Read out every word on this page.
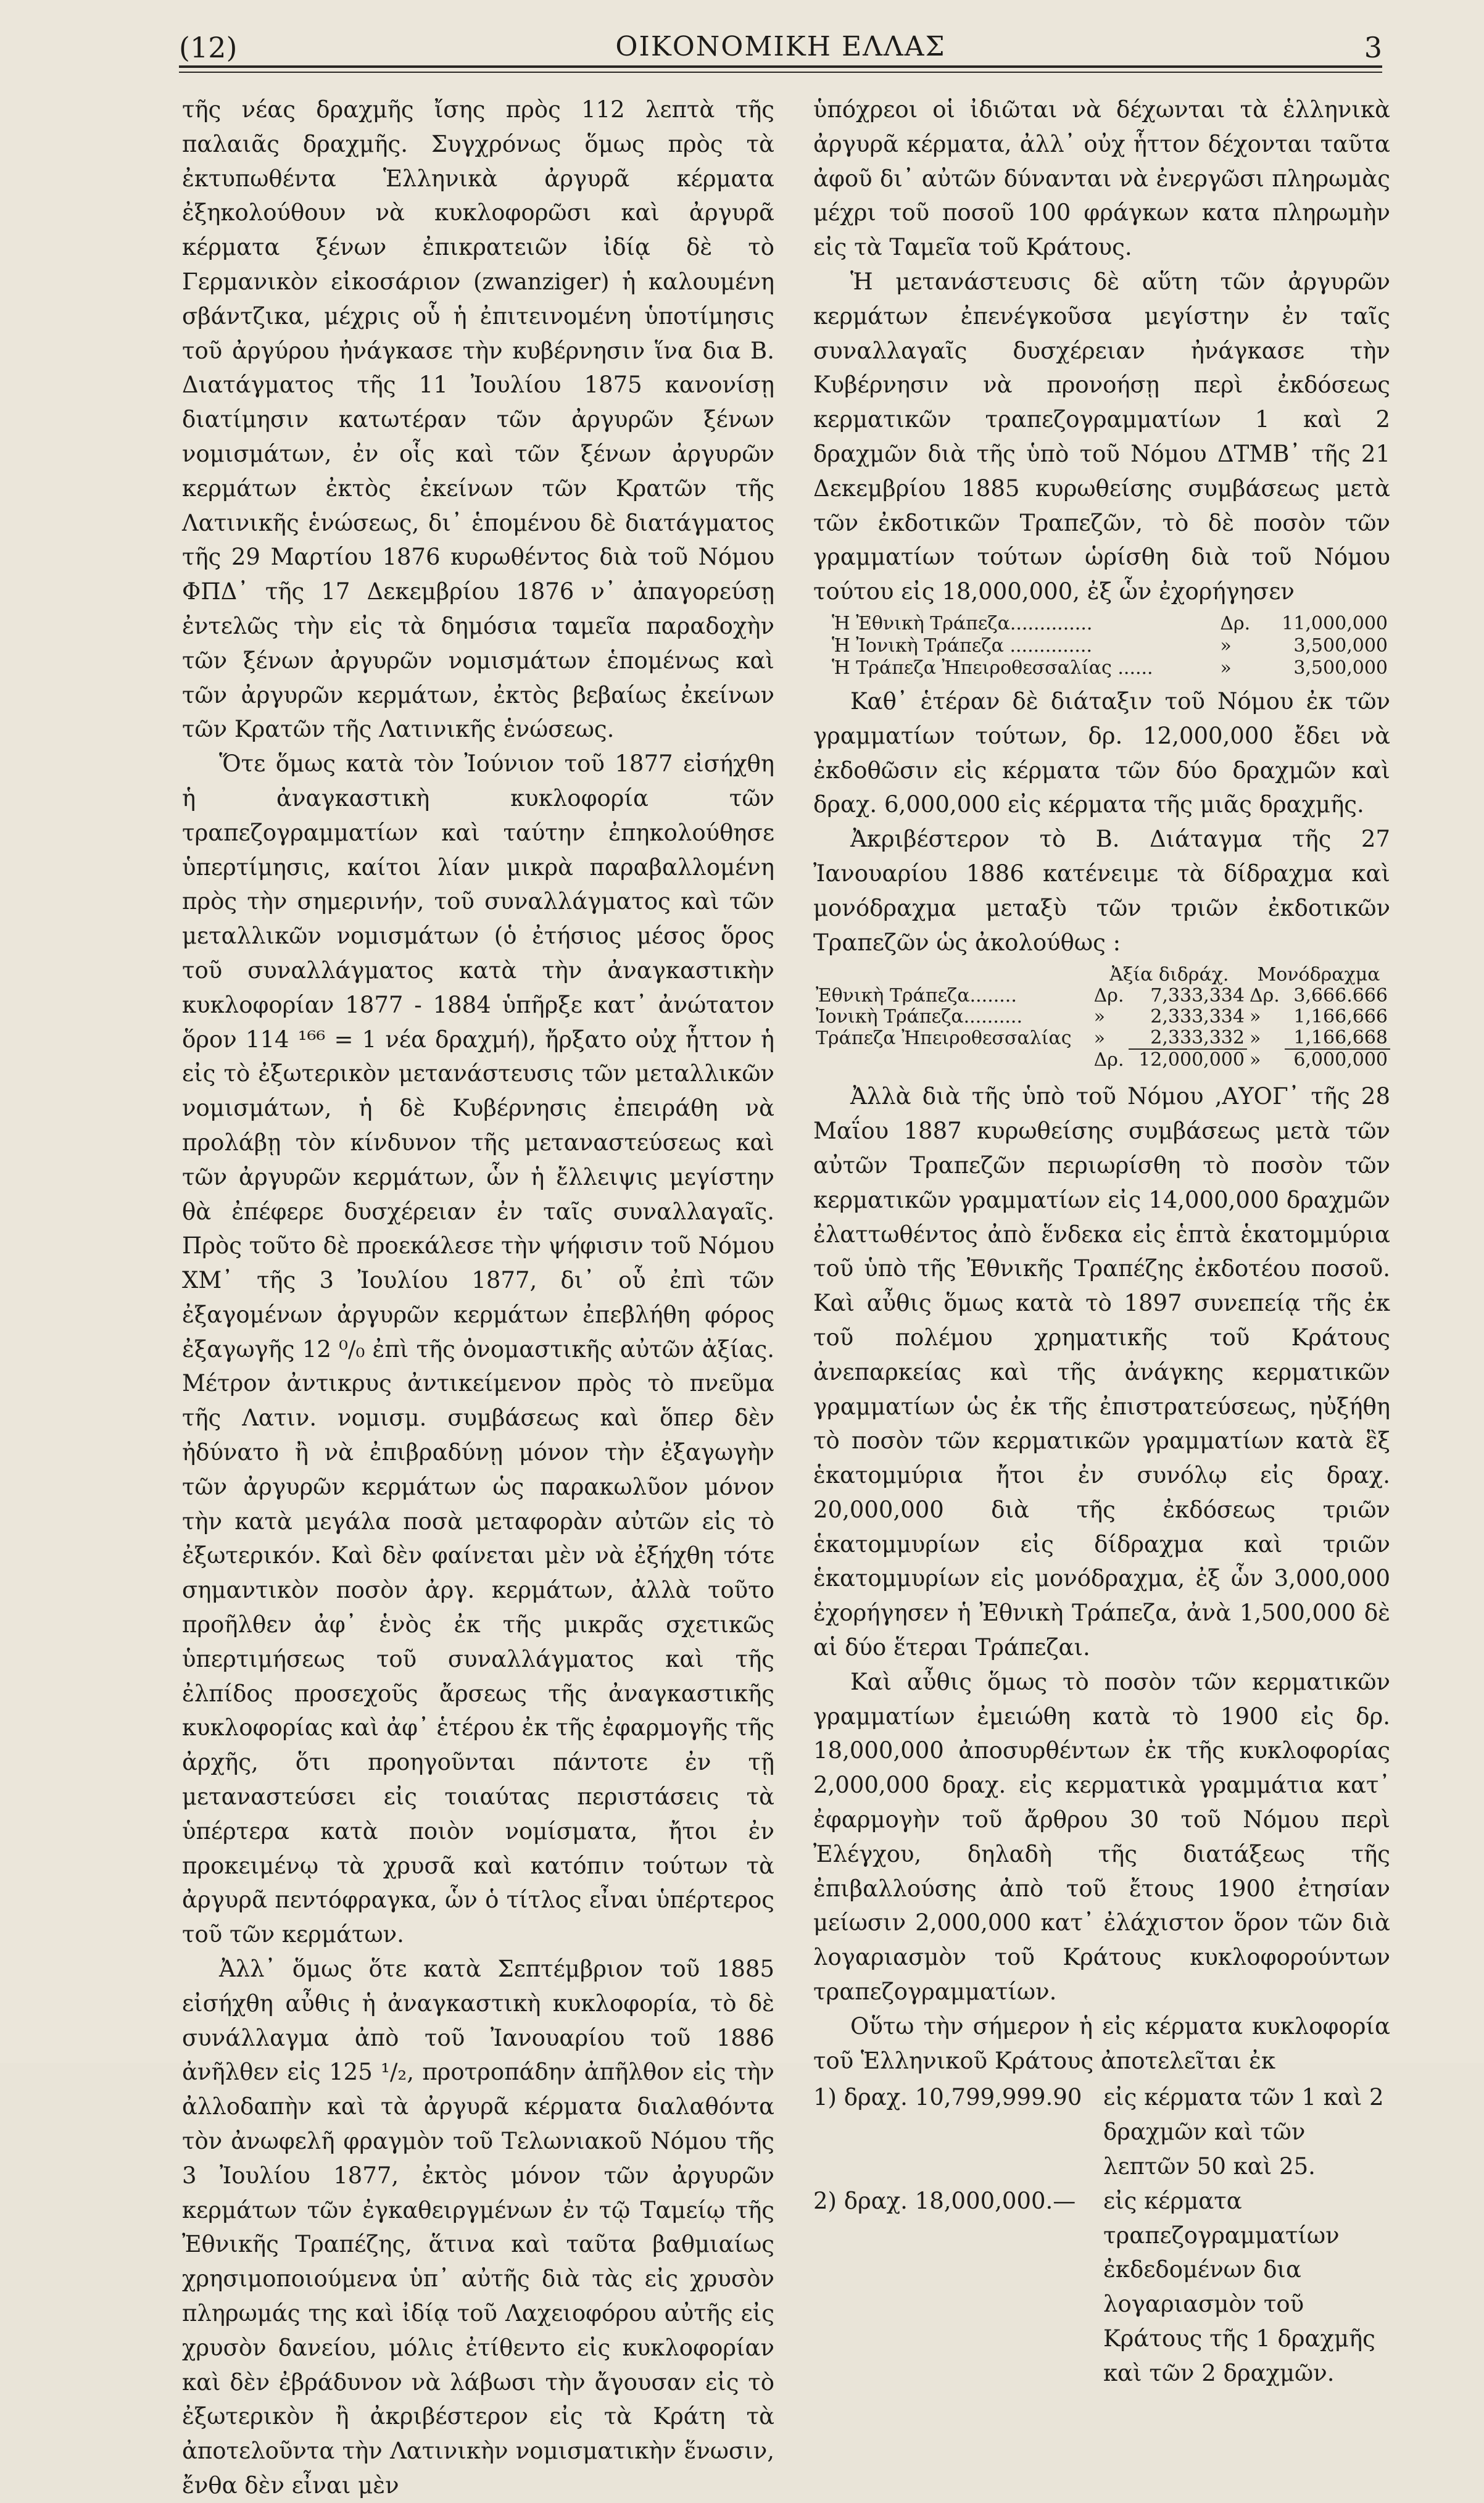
(12)	ΟΙΚΟΝΟΜΙΚΗ ΕΛΛΑΣ	3

τῆς νέας δραχμῆς ἴσης πρὸς 112 λεπτὰ τῆς παλαιᾶς δραχμῆς. Συγχρόνως ὅμως πρὸς τὰ ἐκτυπωθέντα Ἑλληνικὰ ἀργυρᾶ κέρματα ἐξηκολούθουν νὰ κυκλοφορῶσι καὶ ἀργυρᾶ κέρματα ξένων ἐπικρατειῶν ἰδίᾳ δὲ τὸ Γερμανικὸν εἰκοσάριον (zwanziger) ἡ καλουμένη σβάντζικα, μέχρις οὗ ἡ ἐπιτεινομένη ὑποτίμησις τοῦ ἀργύρου ἠνάγκασε τὴν κυβέρνησιν ἵνα δια Β. Διατάγματος τῆς 11 Ἰουλίου 1875 κανονίσῃ διατίμησιν κατωτέραν τῶν ἀργυρῶν ξένων νομισμάτων, ἐν οἷς καὶ τῶν ξένων ἀργυρῶν κερμάτων ἐκτὸς ἐκείνων τῶν Κρατῶν τῆς Λατινικῆς ἑνώσεως, δι᾽ ἑπομένου δὲ διατάγματος τῆς 29 Μαρτίου 1876 κυρωθέντος διὰ τοῦ Νόμου ΦΠΔ᾽ τῆς 17 Δεκεμβρίου 1876 ν᾽ ἀπαγορεύσῃ ἐντελῶς τὴν εἰς τὰ δημόσια ταμεῖα παραδοχὴν τῶν ξένων ἀργυρῶν νομισμάτων ἑπομένως καὶ τῶν ἀργυρῶν κερμάτων, ἐκτὸς βεβαίως ἐκείνων τῶν Κρατῶν τῆς Λατινικῆς ἑνώσεως.

Ὅτε ὅμως κατὰ τὸν Ἰούνιον τοῦ 1877 εἰσήχθη ἡ ἀναγκαστικὴ κυκλοφορία τῶν τραπεζογραμματίων καὶ ταύτην ἐπηκολούθησε ὑπερτίμησις, καίτοι λίαν μικρὰ παραβαλλομένη πρὸς τὴν σημερινήν, τοῦ συναλλάγματος καὶ τῶν μεταλλικῶν νομισμάτων (ὁ ἐτήσιος μέσος ὅρος τοῦ συναλλάγματος κατὰ τὴν ἀναγκαστικὴν κυκλοφορίαν 1877 - 1884 ὑπῆρξε κατ᾽ ἀνώτατον ὅρον 114 ¹⁶⁶ = 1 νέα δραχμή), ἤρξατο οὐχ ἧττον ἡ εἰς τὸ ἐξωτερικὸν μετανάστευσις τῶν μεταλλικῶν νομισμάτων, ἡ δὲ Κυβέρνησις ἐπειράθη νὰ προλάβῃ τὸν κίνδυνον τῆς μεταναστεύσεως καὶ τῶν ἀργυρῶν κερμάτων, ὧν ἡ ἔλλειψις μεγίστην θὰ ἐπέφερε δυσχέρειαν ἐν ταῖς συναλλαγαῖς. Πρὸς τοῦτο δὲ προεκάλεσε τὴν ψήφισιν τοῦ Νόμου ΧΜ᾽ τῆς 3 Ἰουλίου 1877, δι᾽ οὗ ἐπὶ τῶν ἐξαγομένων ἀργυρῶν κερμάτων ἐπεβλήθη φόρος ἐξαγωγῆς 12 ⁰/₀ ἐπὶ τῆς ὀνομαστικῆς αὐτῶν ἀξίας. Μέτρον ἀντικρυς ἀντικείμενον πρὸς τὸ πνεῦμα τῆς Λατιν. νομισμ. συμβάσεως καὶ ὅπερ δὲν ἠδύνατο ἢ νὰ ἐπιβραδύνῃ μόνον τὴν ἐξαγωγὴν τῶν ἀργυρῶν κερμάτων ὡς παρακωλῦον μόνον τὴν κατὰ μεγάλα ποσὰ μεταφορὰν αὐτῶν εἰς τὸ ἐξωτερικόν. Καὶ δὲν φαίνεται μὲν νὰ ἐξήχθη τότε σημαντικὸν ποσὸν ἀργ. κερμάτων, ἀλλὰ τοῦτο προῆλθεν ἀφ᾽ ἑνὸς ἐκ τῆς μικρᾶς σχετικῶς ὑπερτιμήσεως τοῦ συναλλάγματος καὶ τῆς ἐλπίδος προσεχοῦς ἄρσεως τῆς ἀναγκαστικῆς κυκλοφορίας καὶ ἀφ᾽ ἑτέρου ἐκ τῆς ἐφαρμογῆς τῆς ἀρχῆς, ὅτι προηγοῦνται πάντοτε ἐν τῇ μεταναστεύσει εἰς τοιαύτας περιστάσεις τὰ ὑπέρτερα κατὰ ποιὸν νομίσματα, ἤτοι ἐν προκειμένῳ τὰ χρυσᾶ καὶ κατόπιν τούτων τὰ ἀργυρᾶ πεντόφραγκα, ὧν ὁ τίτλος εἶναι ὑπέρτερος τοῦ τῶν κερμάτων.

Ἀλλ᾽ ὅμως ὅτε κατὰ Σεπτέμβριον τοῦ 1885 εἰσήχθη αὖθις ἡ ἀναγκαστικὴ κυκλοφορία, τὸ δὲ συνάλλαγμα ἀπὸ τοῦ Ἰανουαρίου τοῦ 1886 ἀνῆλθεν εἰς 125 ¹/₂, προτροπάδην ἀπῆλθον εἰς τὴν ἀλλοδαπὴν καὶ τὰ ἀργυρᾶ κέρματα διαλαθόντα τὸν ἀνωφελῆ φραγμὸν τοῦ Τελωνιακοῦ Νόμου τῆς 3 Ἰουλίου 1877, ἐκτὸς μόνον τῶν ἀργυρῶν κερμάτων τῶν ἐγκαθειργμένων ἐν τῷ Ταμείῳ τῆς Ἐθνικῆς Τραπέζης, ἅτινα καὶ ταῦτα βαθμιαίως χρησιμοποιούμενα ὑπ᾽ αὐτῆς διὰ τὰς εἰς χρυσὸν πληρωμάς της καὶ ἰδίᾳ τοῦ Λαχειοφόρου αὐτῆς εἰς χρυσὸν δανείου, μόλις ἐτίθεντο εἰς κυκλοφορίαν καὶ δὲν ἐβράδυνον νὰ λάβωσι τὴν ἄγουσαν εἰς τὸ ἐξωτερικὸν ἢ ἀκριβέστερον εἰς τὰ Κράτη τὰ ἀποτελοῦντα τὴν Λατινικὴν νομισματικὴν ἕνωσιν, ἔνθα δὲν εἶναι μὲν

ὑπόχρεοι οἱ ἰδιῶται νὰ δέχωνται τὰ ἑλληνικὰ ἀργυρᾶ κέρματα, ἀλλ᾽ οὐχ ἧττον δέχονται ταῦτα ἀφοῦ δι᾽ αὐτῶν δύνανται νὰ ἐνεργῶσι πληρωμὰς μέχρι τοῦ ποσοῦ 100 φράγκων κατα πληρωμὴν εἰς τὰ Ταμεῖα τοῦ Κράτους.

Ἡ μετανάστευσις δὲ αὕτη τῶν ἀργυρῶν κερμάτων ἐπενέγκοῦσα μεγίστην ἐν ταῖς συναλλαγαῖς δυσχέρειαν ἠνάγκασε τὴν Κυβέρνησιν νὰ προνοήσῃ περὶ ἐκδόσεως κερματικῶν τραπεζογραμματίων 1 καὶ 2 δραχμῶν διὰ τῆς ὑπὸ τοῦ Νόμου ΔΤΜΒ᾽ τῆς 21 Δεκεμβρίου 1885 κυρωθείσης συμβάσεως μετὰ τῶν ἐκδοτικῶν Τραπεζῶν, τὸ δὲ ποσὸν τῶν γραμματίων τούτων ὡρίσθη διὰ τοῦ Νόμου τούτου εἰς 18,000,000, ἐξ ὧν ἐχορήγησεν

Ἡ Ἐθνικὴ Τράπεζα..............	Δρ.	11,000,000
Ἡ Ἰονικὴ Τράπεζα ..............	»	3,500,000
Ἡ Τράπεζα Ἠπειροθεσσαλίας ......	»	3,500,000

Καθ᾽ ἑτέραν δὲ διάταξιν τοῦ Νόμου ἐκ τῶν γραμματίων τούτων, δρ. 12,000,000 ἔδει νὰ ἐκδοθῶσιν εἰς κέρματα τῶν δύο δραχμῶν καὶ δραχ. 6,000,000 εἰς κέρματα τῆς μιᾶς δραχμῆς.

Ἀκριβέστερον τὸ Β. Διάταγμα τῆς 27 Ἰανουαρίου 1886 κατένειμε τὰ δίδραχμα καὶ μονόδραχμα μεταξὺ τῶν τριῶν ἐκδοτικῶν Τραπεζῶν ὡς ἀκολούθως :

	Ἀξία διδράχ.		Μονόδραχμα	
Ἐθνικὴ Τράπεζα........	Δρ.	7,333,334	Δρ.	3,666.666
Ἰονικὴ Τράπεζα..........	»	2,333,334	»	1,166,666
Τράπεζα Ἠπειροθεσσαλίας	»	2,333,332	»	1,166,668
	Δρ.	12,000,000	»	6,000,000

Ἀλλὰ διὰ τῆς ὑπὸ τοῦ Νόμου ,ΑΥΟΓ᾽ τῆς 28 Μαΐου 1887 κυρωθείσης συμβάσεως μετὰ τῶν αὐτῶν Τραπεζῶν περιωρίσθη τὸ ποσὸν τῶν κερματικῶν γραμματίων εἰς 14,000,000 δραχμῶν ἐλαττωθέντος ἀπὸ ἕνδεκα εἰς ἑπτὰ ἑκατομμύρια τοῦ ὑπὸ τῆς Ἐθνικῆς Τραπέζης ἐκδοτέου ποσοῦ. Καὶ αὖθις ὅμως κατὰ τὸ 1897 συνεπείᾳ τῆς ἐκ τοῦ πολέμου χρηματικῆς τοῦ Κράτους ἀνεπαρκείας καὶ τῆς ἀνάγκης κερματικῶν γραμματίων ὡς ἐκ τῆς ἐπιστρατεύσεως, ηὐξήθη τὸ ποσὸν τῶν κερματικῶν γραμματίων κατὰ ἓξ ἑκατομμύρια ἤτοι ἐν συνόλῳ εἰς δραχ. 20,000,000 διὰ τῆς ἐκδόσεως τριῶν ἑκατομμυρίων εἰς δίδραχμα καὶ τριῶν ἑκατομμυρίων εἰς μονόδραχμα, ἐξ ὧν 3,000,000 ἐχορήγησεν ἡ Ἐθνικὴ Τράπεζα, ἀνὰ 1,500,000 δὲ αἱ δύο ἕτεραι Τράπεζαι.

Καὶ αὖθις ὅμως τὸ ποσὸν τῶν κερματικῶν γραμματίων ἐμειώθη κατὰ τὸ 1900 εἰς δρ. 18,000,000 ἀποσυρθέντων ἐκ τῆς κυκλοφορίας 2,000,000 δραχ. εἰς κερματικὰ γραμμάτια κατ᾽ ἐφαρμογὴν τοῦ ἄρθρου 30 τοῦ Νόμου περὶ Ἐλέγχου, δηλαδὴ τῆς διατάξεως τῆς ἐπιβαλλούσης ἀπὸ τοῦ ἔτους 1900 ἐτησίαν μείωσιν 2,000,000 κατ᾽ ἐλάχιστον ὅρον τῶν διὰ λογαριασμὸν τοῦ Κράτους κυκλοφορούντων τραπεζογραμματίων.

Οὕτω τὴν σήμερον ἡ εἰς κέρματα κυκλοφορία τοῦ Ἑλληνικοῦ Κράτους ἀποτελεῖται ἐκ

1) δραχ. 10,799,999.90 εἰς κέρματα τῶν 1 καὶ 2 δραχμῶν καὶ τῶν λεπτῶν 50 καὶ 25.
2) δραχ. 18,000,000.—	εἰς κέρματα τραπεζογραμματίων ἐκδεδομένων δια λογαριασμὸν τοῦ Κράτους τῆς 1 δραχμῆς καὶ τῶν 2 δραχμῶν.
